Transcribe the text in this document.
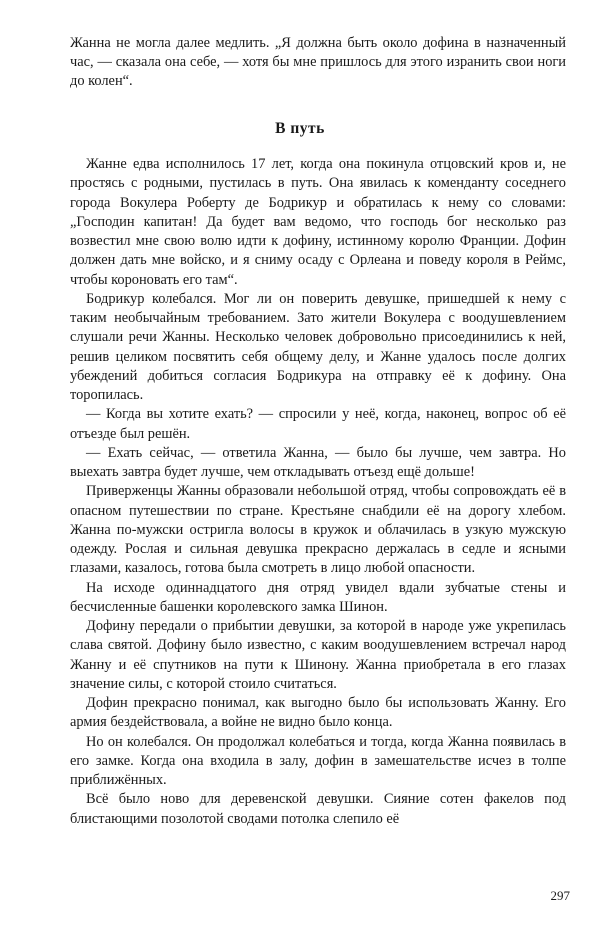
Жанна не могла далее медлить. „Я должна быть около дофина в назначенный час, — сказала она себе, — хотя бы мне пришлось для этого изранить свои ноги до колен“.

В путь

Жанне едва исполнилось 17 лет, когда она покинула отцовский кров и, не простясь с родными, пустилась в путь. Она явилась к коменданту соседнего города Вокулера Роберту де Бодрикур и обратилась к нему со словами: „Господин капитан! Да будет вам ведомо, что господь бог несколько раз возвестил мне свою волю идти к дофину, истинному королю Франции. Дофин должен дать мне войско, и я сниму осаду с Орлеана и поведу короля в Реймс, чтобы короновать его там“.

Бодрикур колебался. Мог ли он поверить девушке, пришедшей к нему с таким необычайным требованием. Зато жители Вокулера с воодушевлением слушали речи Жанны. Несколько человек добровольно присоединились к ней, решив целиком посвятить себя общему делу, и Жанне удалось после долгих убеждений добиться согласия Бодрикура на отправку её к дофину. Она торопилась.

— Когда вы хотите ехать? — спросили у неё, когда, наконец, вопрос об её отъезде был решён.

— Ехать сейчас, — ответила Жанна, — было бы лучше, чем завтра. Но выехать завтра будет лучше, чем откладывать отъезд ещё дольше!

Приверженцы Жанны образовали небольшой отряд, чтобы сопровождать её в опасном путешествии по стране. Крестьяне снабдили её на дорогу хлебом. Жанна по-мужски остригла волосы в кружок и облачилась в узкую мужскую одежду. Рослая и сильная девушка прекрасно держалась в седле и ясными глазами, казалось, готова была смотреть в лицо любой опасности.

На исходе одиннадцатого дня отряд увидел вдали зубчатые стены и бесчисленные башенки королевского замка Шинон.

Дофину передали о прибытии девушки, за которой в народе уже укрепилась слава святой. Дофину было известно, с каким воодушевлением встречал народ Жанну и её спутников на пути к Шинону. Жанна приобретала в его глазах значение силы, с которой стоило считаться.

Дофин прекрасно понимал, как выгодно было бы использовать Жанну. Его армия бездействовала, а войне не видно было конца.

Но он колебался. Он продолжал колебаться и тогда, когда Жанна появилась в его замке. Когда она входила в залу, дофин в замешательстве исчез в толпе приближённых.

Всё было ново для деревенской девушки. Сияние сотен факелов под блистающими позолотой сводами потолка слепило её

297
